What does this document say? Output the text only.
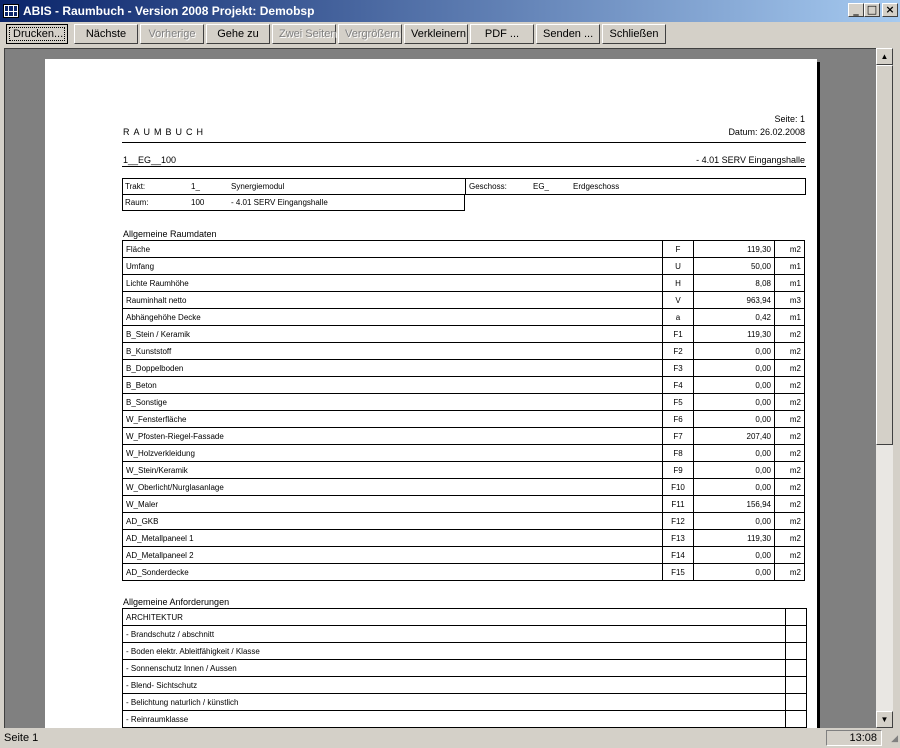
ABIS - Raumbuch - Version 2008 Projekt: Demobsp	_ □ ×
Drucken...	Nächste	Vorherige	Gehe zu	Zwei Seiten Vergrößern Verkleinern	PDF ...	Senden ...	Schließen
Seite: 1
RAUMBUCH	Datum: 26.02.2008
1__EG__100	- 4.01 SERV Eingangshalle
Trakt:	1_	Synergiemodul	Geschoss:	EG_	Erdgeschoss
Raum:	100	- 4.01 SERV Eingangshalle
Allgemeine Raumdaten
Fläche	F	119,30	m2
Umfang	U	50,00	m1
Lichte Raumhöhe	H	8,08	m1
Rauminhalt netto	V	963,94	m3
Abhängehöhe Decke	a	0,42	m1
B_Stein / Keramik	F1	119,30	m2
B_Kunststoff	F2	0,00	m2
B_Doppelboden	F3	0,00	m2
B_Beton	F4	0,00	m2
B_Sonstige	F5	0,00	m2
W_Fensterfläche	F6	0,00	m2
W_Pfosten-Riegel-Fassade	F7	207,40	m2
W_Holzverkleidung	F8	0,00	m2
W_Stein/Keramik	F9	0,00	m2
W_Oberlicht/Nurglasanlage	F10	0,00	m2
W_Maler	F11	156,94	m2
AD_GKB	F12	0,00	m2
AD_Metallpaneel 1	F13	119,30	m2
AD_Metallpaneel 2	F14	0,00	m2
AD_Sonderdecke	F15	0,00	m2
Allgemeine Anforderungen
ARCHITEKTUR	
- Brandschutz / abschnitt	
- Boden elektr. Ableitfähigkeit / Klasse	
- Sonnenschutz Innen / Aussen	
- Blend- Sichtschutz	
- Belichtung naturlich / künstlich	
- Reinraumklasse	
▲
▼
Seite 1	13:08	◢
